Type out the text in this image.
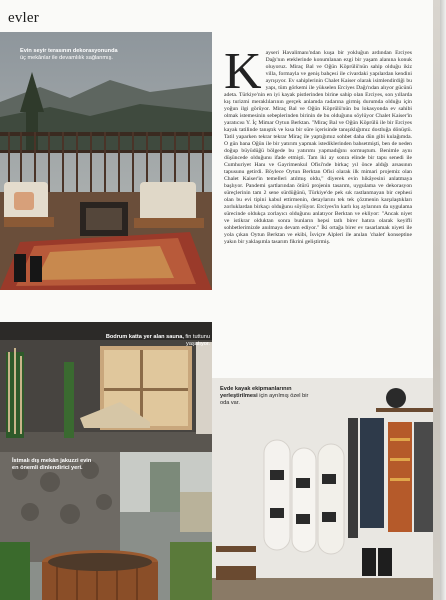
evler
Evin seyir terasının dekorasyonunda üç mekânlar ile devamlılık sağlanmış.
Bodrum katta yer alan sauna, fin tuttunu yaşatıyor.
İstmalı dış mekân jakuzzi evin en önemli dinlendirici yeri.
Evde kayak ekipmanlarının yerleştirilmesi için ayrılmış özel bir oda var.
K ayseri Havalimanı'ndan kuşa bir yokluğun ardından Erciyes Dağı'nın eteklerinde konumlanan ezgi bir yaşam alanına konuk oluyoruz. Miraç Bal ve Oğün Köprülü'nün sahip olduğu ikiz villa, formayla ve geniş bahçesi ile civardaki yapılardan kendini ayrışıyor. Ev sahiplerinin Chalet Kaiser olarak isimlendirdiği bu yapı, tüm görkemi ile yükselen Erciyes Dağı'ndan alıyor gücünü adeta. Türkiye'nin en iyi kayak pistlerinden birine sahip olan Erciyes, son yıllarda kış turizmi meraklılarının gerçek anlamda radarına girmiş durumda olduğu için yoğun ilgi görüyor. Miraç Bal ve Oğün Köprülü'nün bu lokasyonda ev sahibi olmak istemesinin sebeplerinden birinin de bu olduğunu söylüyor Chalet Kaiser'in yaratıcısı Y. İç Mimar Oytun Berktan. "Miraç Bal ve Oğün Köprülü ile bir Erciyes kayak tatilinde tanıştık ve kısa bir süre içerisinde tanışıklığımız dostluğa dönüştü. Tatil yaparken tekrar tekrar Miraç ile yaptığımız sohbet daha dün gibi kulağımda. O gün bana Oğün ile bir yatırım yapmak istediklerinden bahsetmişti, ben de neden doğup büyüdüğü bölgede bu yatırımı yapmadığını sormuştum. Benimle aynı düşüncede olduğunu ifade etmişti. Tam iki ay sonra elinde bir tapu senedi ile Cumhuriyet Hanı ve Gayrimenkul Ofisi'nde birkaç yıl önce aldığı arsasının tapusunu getirdi. Böylece Oytun Berktan Ofisi olarak ilk mimari projemiz olan Chalet Kaiser'in temelleri atılmış oldu," diyerek evin hikâyesini anlatmaya başlıyor. Pandemi şartlarından ötürü projenin tasarım, uygulama ve dekorasyon süreçlerinin tam 2 sene sürdüğünü, Türkiye'de pek sık rastlanmayan bir cephesi olan bu evi tipini kabul ettirmenin, detaylarını tek tek çözmenin karşılaştıkları zorluklardan birkaçı olduğunu söylüyor. Erciyes'in karlı kış aylarının da uygulama sürecinde oldukça zorlayıcı olduğunu anlatıyor Berktan ve ekliyor: "Ancak niyet ve istikrar olduktan sonra bunların hepsi tatlı birer hatıra olarak keyifli sohbetlerimizde anılmaya devam ediyor." İki ortağa birer ev tasarlamak niyeti ile yola çıkan Oytun Berktan ve ekibi, İsviçre Alpleri ile anılan 'chalet' konseptine yakın bir yaklaşımla tasarım fikrini geliştirmiş.
